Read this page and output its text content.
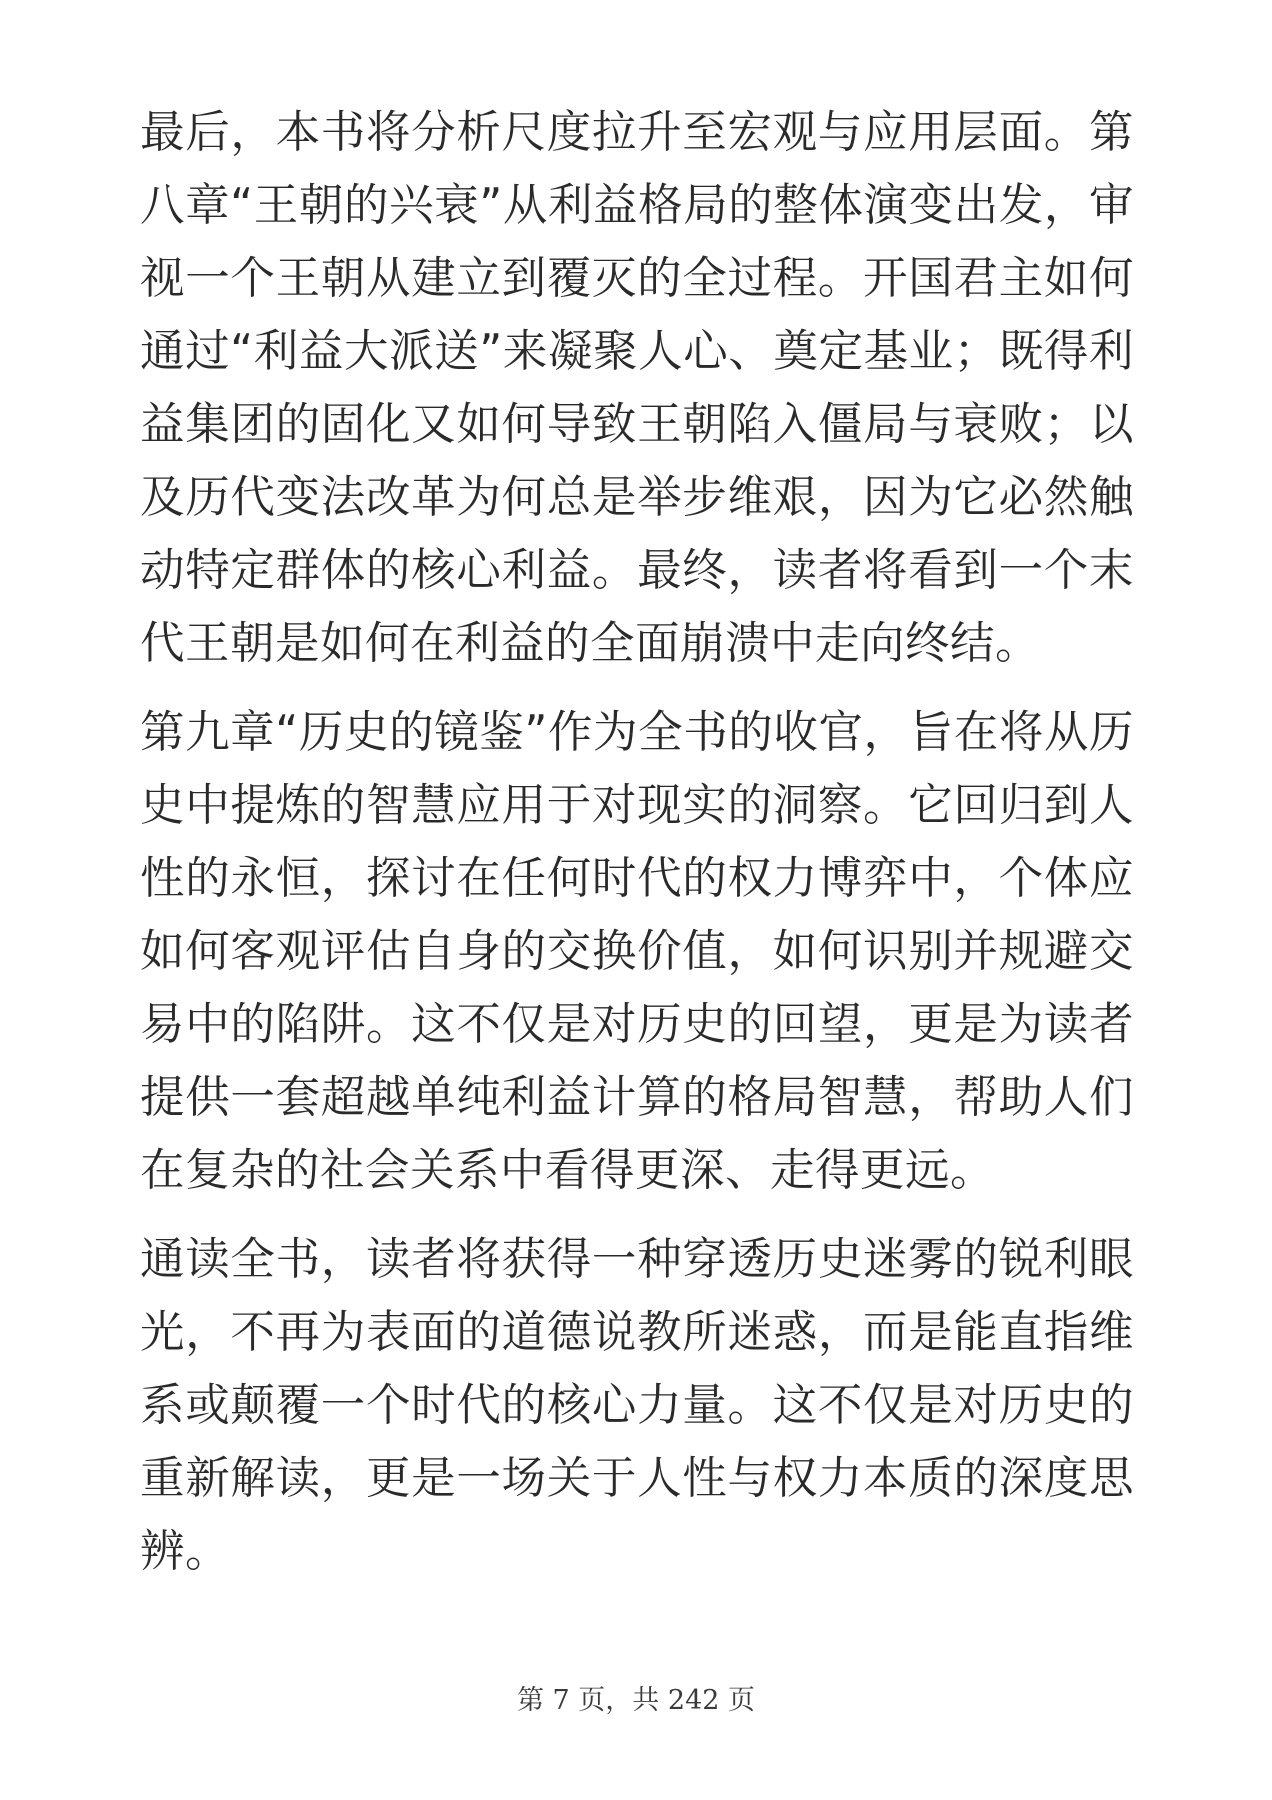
最后，本书将分析尺度拉升至宏观与应用层面。第八章“王朝的兴衰”从利益格局的整体演变出发，审视一个王朝从建立到覆灭的全过程。开国君主如何通过“利益大派送”来凝聚人心、奠定基业；既得利益集团的固化又如何导致王朝陷入僵局与衰败；以及历代变法改革为何总是举步维艰，因为它必然触动特定群体的核心利益。最终，读者将看到一个末代王朝是如何在利益的全面崩溃中走向终结。

第九章“历史的镜鉴”作为全书的收官，旨在将从历史中提炼的智慧应用于对现实的洞察。它回归到人性的永恒，探讨在任何时代的权力博弈中，个体应如何客观评估自身的交换价值，如何识别并规避交易中的陷阱。这不仅是对历史的回望，更是为读者提供一套超越单纯利益计算的格局智慧，帮助人们在复杂的社会关系中看得更深、走得更远。

通读全书，读者将获得一种穿透历史迷雾的锐利眼光，不再为表面的道德说教所迷惑，而是能直指维系或颠覆一个时代的核心力量。这不仅是对历史的重新解读，更是一场关于人性与权力本质的深度思辨。

第 7 页，共 242 页
